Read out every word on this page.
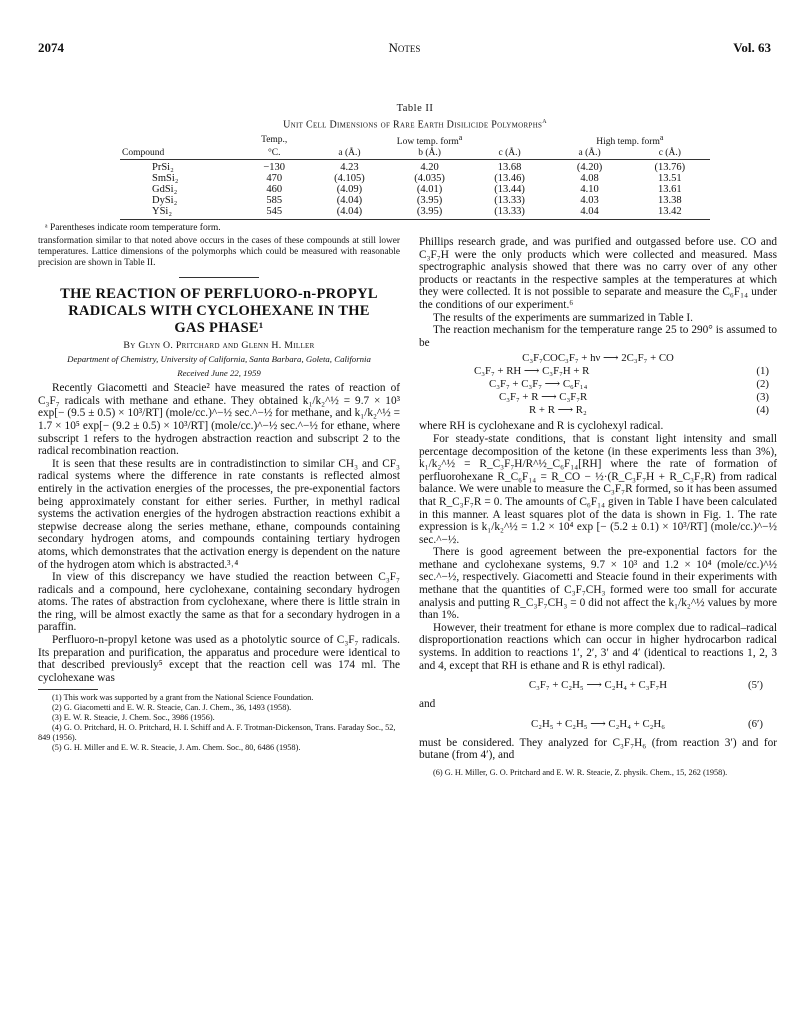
2074	Notes	Vol. 63
Table II
Unit Cell Dimensions of Rare Earth Disilicide Polymorphs$^a$
	Temp.,	Low temp. form$^a$			High temp. form$^a$
Compound	°C.	a (Å.)	b (Å.)	c (Å.)	a (Å.)	c (Å.)
PrSi₂	−130	4.23	4.20	13.68	(4.20)	(13.76)
SmSi₂	470	(4.105)	(4.035)	(13.46)	4.08	13.51
GdSi₂	460	(4.09)	(4.01)	(13.44)	4.10	13.61
DySi₂	585	(4.04)	(3.95)	(13.33)	4.03	13.38
YSi₂	545	(4.04)	(3.95)	(13.33)	4.04	13.42
ᵃ Parentheses indicate room temperature form.

transformation similar to that noted above occurs in the cases of these compounds at still lower temperatures. Lattice dimensions of the polymorphs which could be measured with reasonable precision are shown in Table II.

THE REACTION OF PERFLUORO-n-PROPYL
RADICALS WITH CYCLOHEXANE IN THE
GAS PHASE¹
By Glyn O. Pritchard and Glenn H. Miller
Department of Chemistry, University of California, Santa Barbara, Goleta, California
Received June 22, 1959

Recently Giacometti and Steacie² have measured the rates of reaction of C₃F₇ radicals with methane and ethane. They obtained k₁/k₂^½ = 9.7 × 10³ exp[− (9.5 ± 0.5) × 10³/RT] (mole/cc.)^−½ sec.^−½ for methane, and k₁/k₂^½ = 1.7 × 10⁵ exp[− (9.2 ± 0.5) × 10³/RT] (mole/cc.)^−½ sec.^−½ for ethane, where subscript 1 refers to the hydrogen abstraction reaction and subscript 2 to the radical recombination reaction.

It is seen that these results are in contradistinction to similar CH₃ and CF₃ radical systems where the difference in rate constants is reflected almost entirely in the activation energies of the processes, the pre-exponential factors being approximately constant for either series. Further, in methyl radical systems the activation energies of the hydrogen abstraction reactions exhibit a stepwise decrease along the series methane, ethane, compounds containing secondary hydrogen atoms, and compounds containing tertiary hydrogen atoms, which demonstrates that the activation energy is dependent on the nature of the hydrogen atom which is abstracted.³˒⁴

In view of this discrepancy we have studied the reaction between C₃F₇ radicals and a compound, here cyclohexane, containing secondary hydrogen atoms. The rates of abstraction from cyclohexane, where there is little strain in the ring, will be almost exactly the same as that for a secondary hydrogen in a paraffin.

Perfluoro-n-propyl ketone was used as a photolytic source of C₃F₇ radicals. Its preparation and purification, the apparatus and procedure were identical to that described previously⁵ except that the reaction cell was 174 ml. The cyclohexane was

(1) This work was supported by a grant from the National Science Foundation.

(2) G. Giacometti and E. W. R. Steacie, Can. J. Chem., 36, 1493 (1958).

(3) E. W. R. Steacie, J. Chem. Soc., 3986 (1956).

(4) G. O. Pritchard, H. O. Pritchard, H. I. Schiff and A. F. Trotman-Dickenson, Trans. Faraday Soc., 52, 849 (1956).

(5) G. H. Miller and E. W. R. Steacie, J. Am. Chem. Soc., 80, 6486 (1958).

Phillips research grade, and was purified and outgassed before use. CO and C₃F₇H were the only products which were collected and measured. Mass spectrographic analysis showed that there was no carry over of any other products or reactants in the respective samples at the temperatures at which they were collected. It is not possible to separate and measure the C₆F₁₄ under the conditions of our experiment.⁶

The results of the experiments are summarized in Table I.

The reaction mechanism for the temperature range 25 to 290° is assumed to be

C₃F₇COC₃F₇ + hν ⟶ 2C₃F₇ + CO
C₃F₇ + RH ⟶ C₃F₇H + R	(1)
C₃F₇ + C₃F₇ ⟶ C₆F₁₄	(2)
C₃F₇ + R ⟶ C₃F₇R	(3)
R + R ⟶ R₂	(4)

where RH is cyclohexane and R is cyclohexyl radical.

For steady-state conditions, that is constant light intensity and small percentage decomposition of the ketone (in these experiments less than 3%), k₁/k₂^½ = R_C₃F₇H/R^½_C₆F₁₄[RH] where the rate of formation of perfluorohexane R_C₆F₁₄ = R_CO − ½·(R_C₃F₇H + R_C₃F₇R) from radical balance. We were unable to measure the C₃F₇R formed, so it has been assumed that R_C₃F₇R = 0. The amounts of C₆F₁₄ given in Table I have been calculated in this manner. A least squares plot of the data is shown in Fig. 1. The rate expression is k₁/k₂^½ = 1.2 × 10⁴ exp [− (5.2 ± 0.1) × 10³/RT] (mole/cc.)^−½ sec.^−½.

There is good agreement between the pre-exponential factors for the methane and cyclohexane systems, 9.7 × 10³ and 1.2 × 10⁴ (mole/cc.)^½ sec.^−½, respectively. Giacometti and Steacie found in their experiments with methane that the quantities of C₃F₇CH₃ formed were too small for accurate analysis and putting R_C₃F₇CH₃ = 0 did not affect the k₁/k₂^½ values by more than 1%.

However, their treatment for ethane is more complex due to radical–radical disproportionation reactions which can occur in higher hydrocarbon radical systems. In addition to reactions 1′, 2′, 3′ and 4′ (identical to reactions 1, 2, 3 and 4, except that RH is ethane and R is ethyl radical).

C₃F₇ + C₂H₅ ⟶ C₂H₄ + C₃F₇H	(5′)

and

C₂H₅ + C₂H₅ ⟶ C₂H₄ + C₂H₆	(6′)

must be considered. They analyzed for C₃F₇H₆ (from reaction 3′) and for butane (from 4′), and

(6) G. H. Miller, G. O. Pritchard and E. W. R. Steacie, Z. physik. Chem., 15, 262 (1958).
